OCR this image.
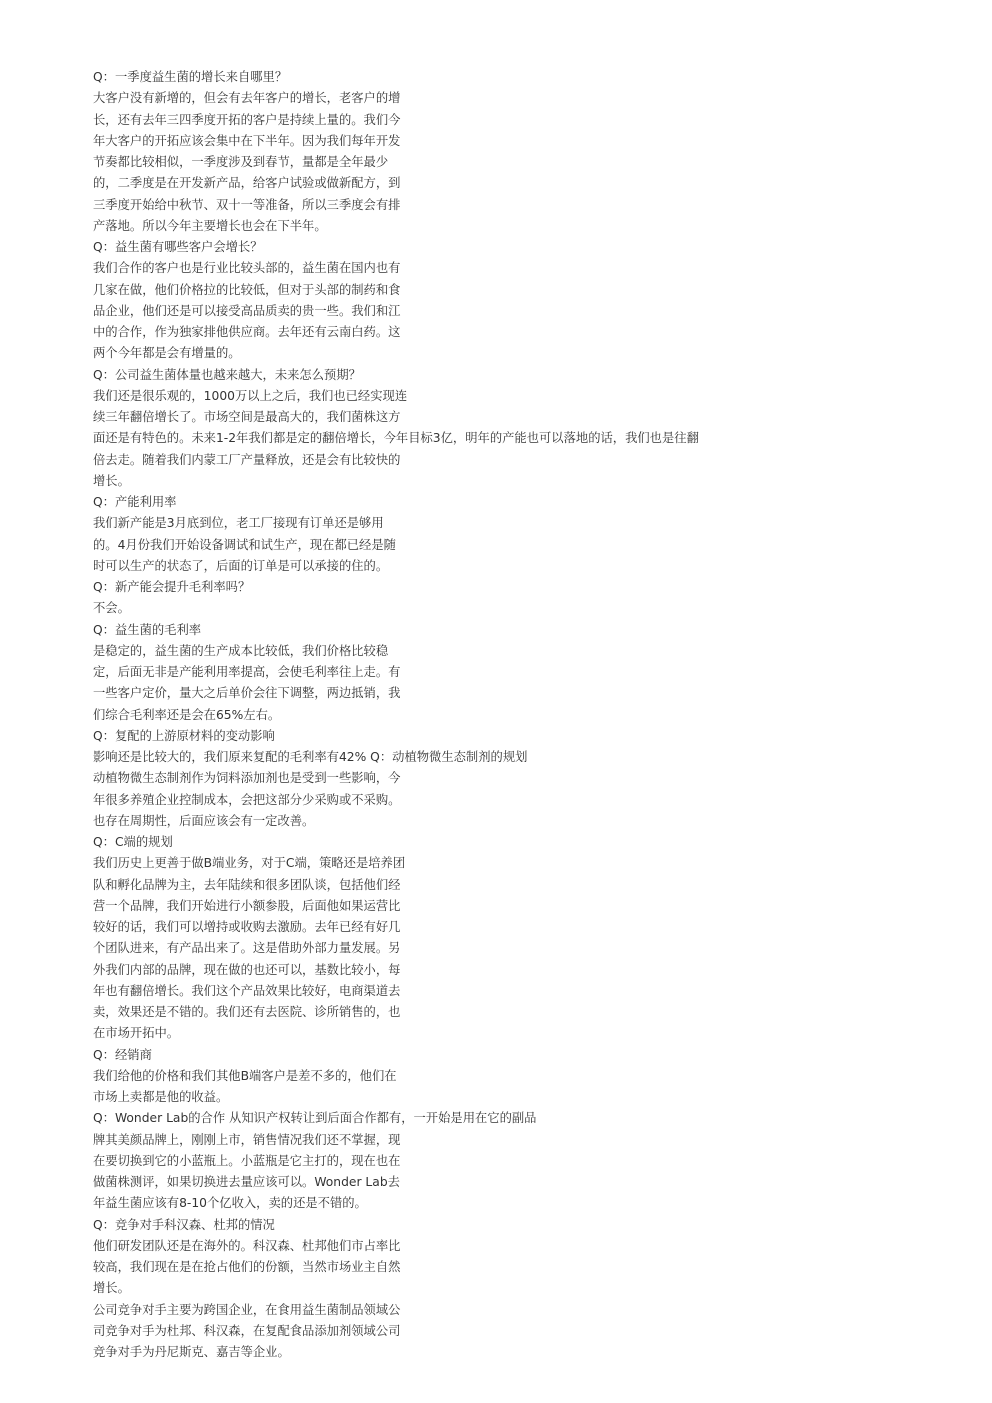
Q：一季度益生菌的增长来自哪里？
大客户没有新增的，但会有去年客户的增长，老客户的增
长，还有去年三四季度开拓的客户是持续上量的。我们今
年大客户的开拓应该会集中在下半年。因为我们每年开发
节奏都比较相似，一季度涉及到春节，量都是全年最少
的，二季度是在开发新产品，给客户试验或做新配方，到
三季度开始给中秋节、双十一等准备，所以三季度会有排
产落地。所以今年主要增长也会在下半年。
Q：益生菌有哪些客户会增长？
我们合作的客户也是行业比较头部的，益生菌在国内也有
几家在做，他们价格拉的比较低，但对于头部的制药和食
品企业，他们还是可以接受高品质卖的贵一些。我们和江
中的合作，作为独家排他供应商。去年还有云南白药。这
两个今年都是会有增量的。
Q：公司益生菌体量也越来越大，未来怎么预期？
我们还是很乐观的，1000万以上之后，我们也已经实现连
续三年翻倍增长了。市场空间是最高大的，我们菌株这方
面还是有特色的。未来1-2年我们都是定的翻倍增长，今年目标3亿，明年的产能也可以落地的话，我们也是往翻
倍去走。随着我们内蒙工厂产量释放，还是会有比较快的
增长。
Q：产能利用率
我们新产能是3月底到位，老工厂接现有订单还是够用
的。4月份我们开始设备调试和试生产，现在都已经是随
时可以生产的状态了，后面的订单是可以承接的住的。
Q：新产能会提升毛利率吗？
不会。
Q：益生菌的毛利率
是稳定的，益生菌的生产成本比较低，我们价格比较稳
定，后面无非是产能利用率提高，会使毛利率往上走。有
一些客户定价，量大之后单价会往下调整，两边抵销，我
们综合毛利率还是会在65%左右。
Q：复配的上游原材料的变动影响
影响还是比较大的，我们原来复配的毛利率有42% Q：动植物微生态制剂的规划
动植物微生态制剂作为饲料添加剂也是受到一些影响，今
年很多养殖企业控制成本，会把这部分少采购或不采购。
也存在周期性，后面应该会有一定改善。
Q：C端的规划
我们历史上更善于做B端业务，对于C端，策略还是培养团
队和孵化品牌为主，去年陆续和很多团队谈，包括他们经
营一个品牌，我们开始进行小额参股，后面他如果运营比
较好的话，我们可以增持或收购去激励。去年已经有好几
个团队进来，有产品出来了。这是借助外部力量发展。另
外我们内部的品牌，现在做的也还可以，基数比较小，每
年也有翻倍增长。我们这个产品效果比较好，电商渠道去
卖，效果还是不错的。我们还有去医院、诊所销售的，也
在市场开拓中。
Q：经销商
我们给他的价格和我们其他B端客户是差不多的，他们在
市场上卖都是他的收益。
Q：Wonder Lab的合作 从知识产权转让到后面合作都有，一开始是用在它的副品
牌其美颜品牌上，刚刚上市，销售情况我们还不掌握，现
在要切换到它的小蓝瓶上。小蓝瓶是它主打的，现在也在
做菌株测评，如果切换进去量应该可以。Wonder Lab去
年益生菌应该有8-10个亿收入，卖的还是不错的。
Q：竞争对手科汉森、杜邦的情况
他们研发团队还是在海外的。科汉森、杜邦他们市占率比
较高，我们现在是在抢占他们的份额，当然市场业主自然
增长。
公司竞争对手主要为跨国企业，在食用益生菌制品领域公
司竞争对手为杜邦、科汉森，在复配食品添加剂领域公司
竞争对手为丹尼斯克、嘉吉等企业。
